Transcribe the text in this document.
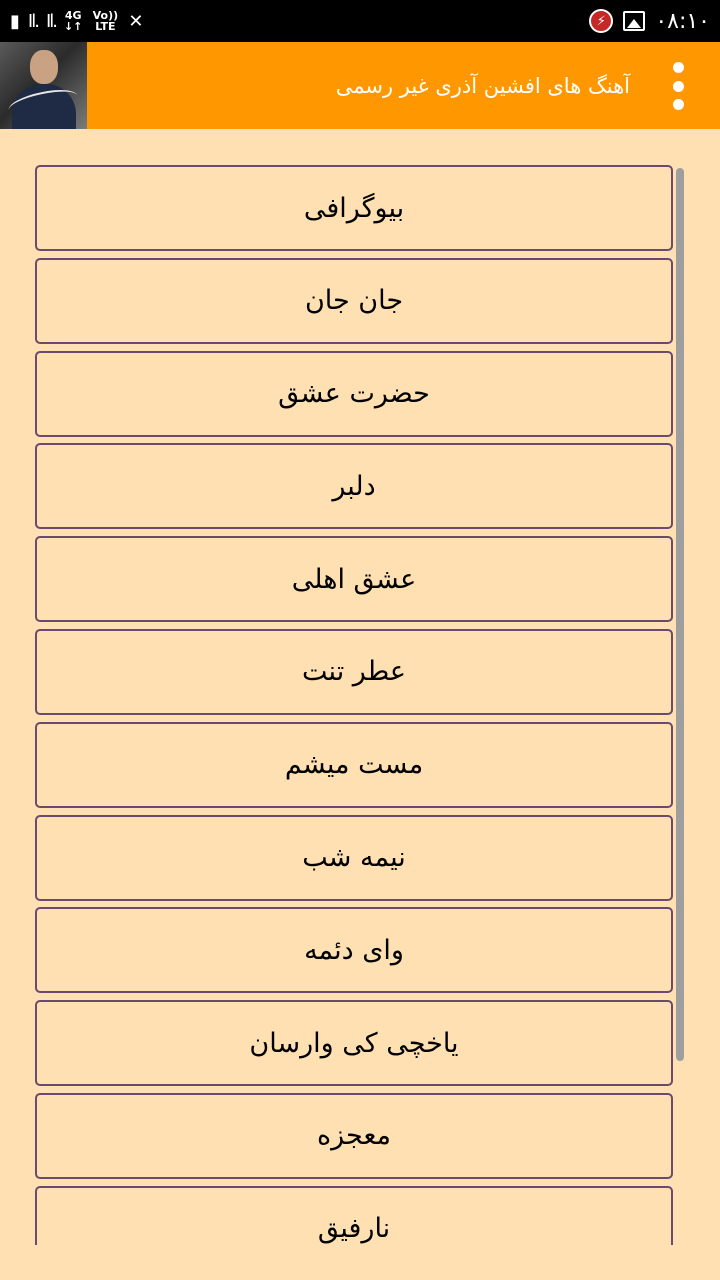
▮ Il. Il. 4G
↓↑
Vo)) LTE ✕	⚡	۰۸:۱۰
آهنگ های افشین آذری غیر رسمی
بیوگرافی
جان جان
حضرت عشق
دلبر
عشق اهلی
عطر تنت
مست میشم
نیمه شب
وای دئمه
یاخچی کی وارسان
معجزه
نارفیق
